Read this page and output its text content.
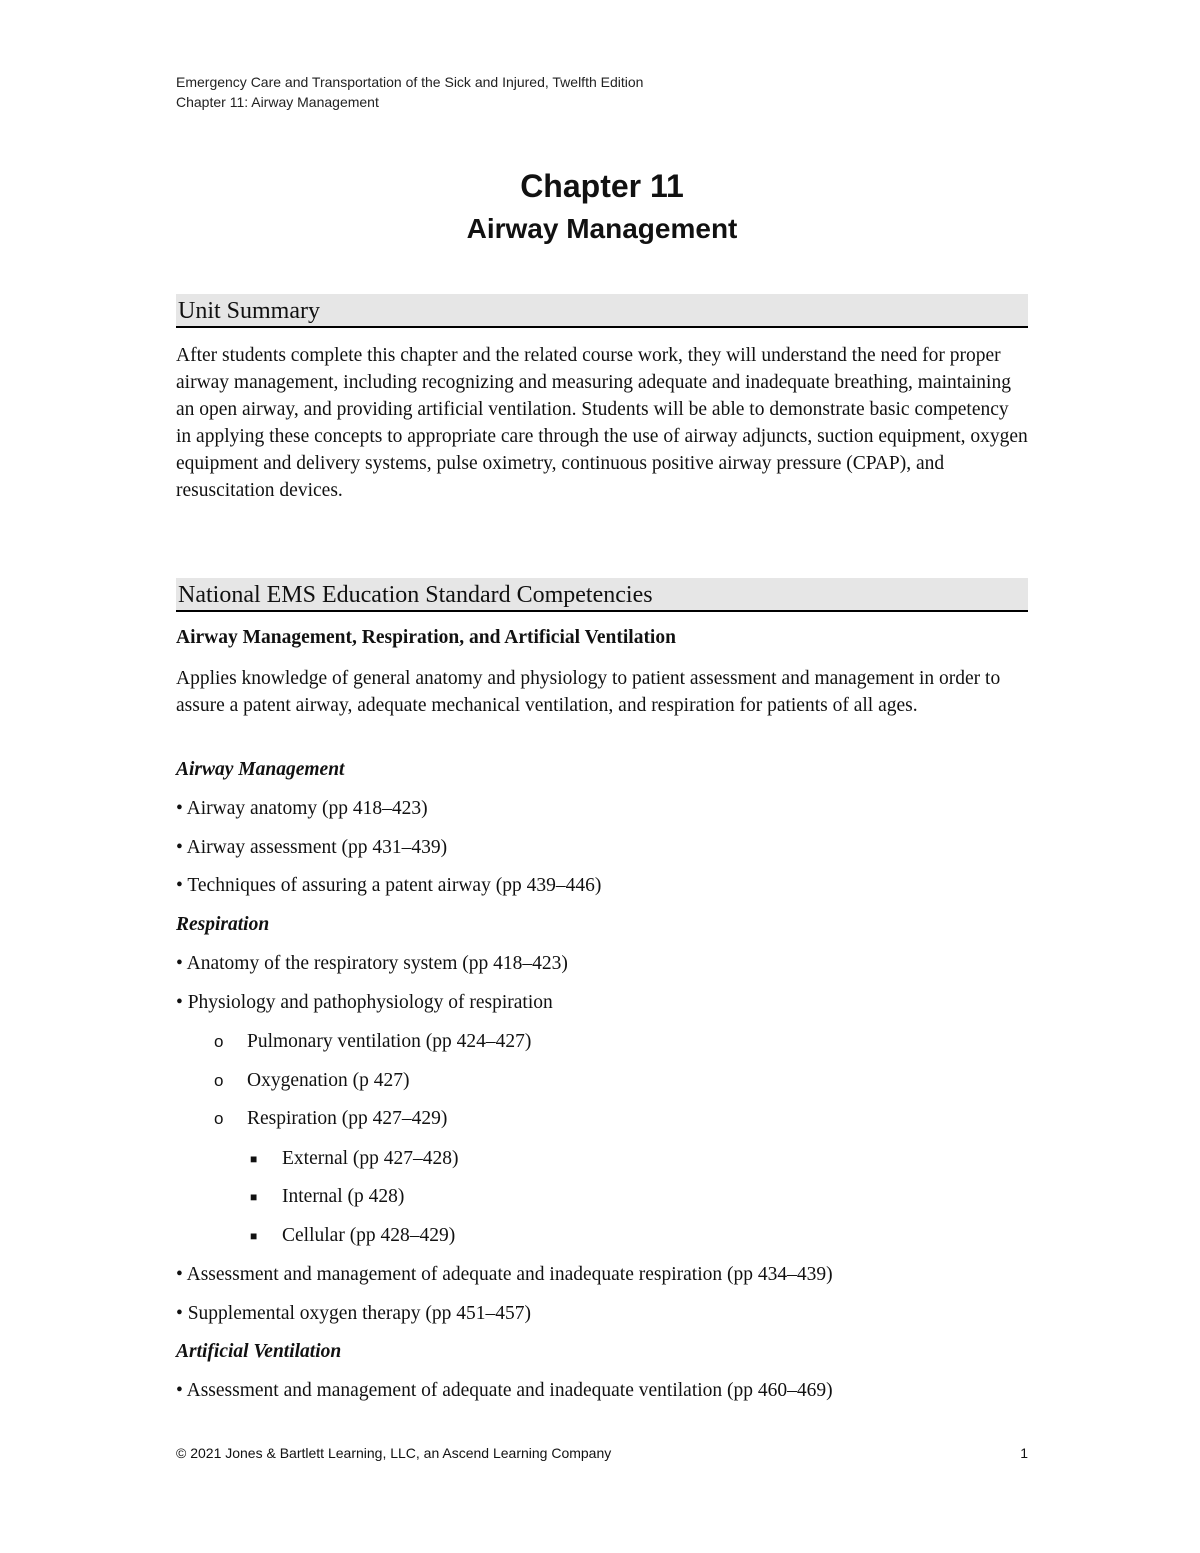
Emergency Care and Transportation of the Sick and Injured, Twelfth Edition
Chapter 11: Airway Management
Chapter 11
Airway Management
Unit Summary

After students complete this chapter and the related course work, they will understand the need for proper airway management, including recognizing and measuring adequate and inadequate breathing, maintaining an open airway, and providing artificial ventilation. Students will be able to demonstrate basic competency in applying these concepts to appropriate care through the use of airway adjuncts, suction equipment, oxygen equipment and delivery systems, pulse oximetry, continuous positive airway pressure (CPAP), and resuscitation devices.

National EMS Education Standard Competencies
Airway Management, Respiration, and Artificial Ventilation

Applies knowledge of general anatomy and physiology to patient assessment and management in order to assure a patent airway, adequate mechanical ventilation, and respiration for patients of all ages.

Airway Management
• Airway anatomy (pp 418–423)
• Airway assessment (pp 431–439)
• Techniques of assuring a patent airway (pp 439–446)
Respiration
• Anatomy of the respiratory system (pp 418–423)
• Physiology and pathophysiology of respiration
o Pulmonary ventilation (pp 424–427)
o Oxygenation (p 427)
o Respiration (pp 427–429)
■ External (pp 427–428)
■ Internal (p 428)
■ Cellular (pp 428–429)
• Assessment and management of adequate and inadequate respiration (pp 434–439)
• Supplemental oxygen therapy (pp 451–457)
Artificial Ventilation
• Assessment and management of adequate and inadequate ventilation (pp 460–469)
© 2021 Jones & Bartlett Learning, LLC, an Ascend Learning Company	1
